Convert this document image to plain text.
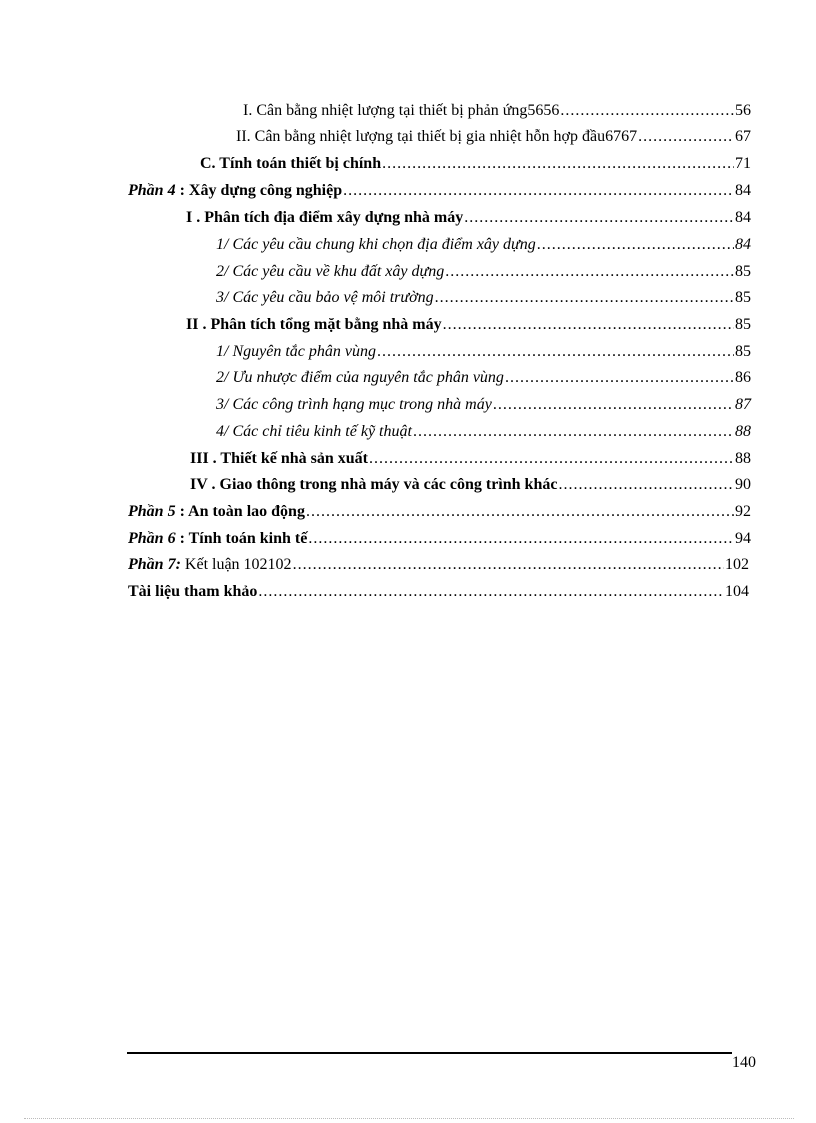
I. Cân bằng nhiệt lượng tại thiết bị phản ứng5656 .....	56
II. Cân bằng nhiệt lượng tại thiết bị gia nhiệt hỗn hợp đầu6767 .....	67
C. Tính toán thiết bị chính .....	71
Phần 4 : Xây dựng công nghiệp .....	84
I . Phân tích địa điểm xây dựng nhà máy .....	84
1/ Các yêu cầu chung khi chọn địa điểm xây dựng .....	84
2/ Các yêu cầu về khu đất xây dựng .....	85
3/ Các yêu cầu bảo vệ môi trường .....	85
II . Phân tích tổng mặt bằng nhà máy .....	85
1/ Nguyên tắc phân vùng .....	85
2/ Ưu nhược điểm của nguyên tắc phân vùng .....	86
3/ Các công trình hạng mục trong nhà máy .....	87
4/ Các chỉ tiêu kinh tế kỹ thuật .....	88
III . Thiết kế nhà sản xuất .....	88
IV . Giao thông trong nhà máy và các công trình khác .....	90
Phần 5 : An toàn lao động .....	92
Phần 6 : Tính toán kinh tế .....	94
Phần 7: Kết luận 102102 .....	102
Tài liệu tham khảo .....	104
140
